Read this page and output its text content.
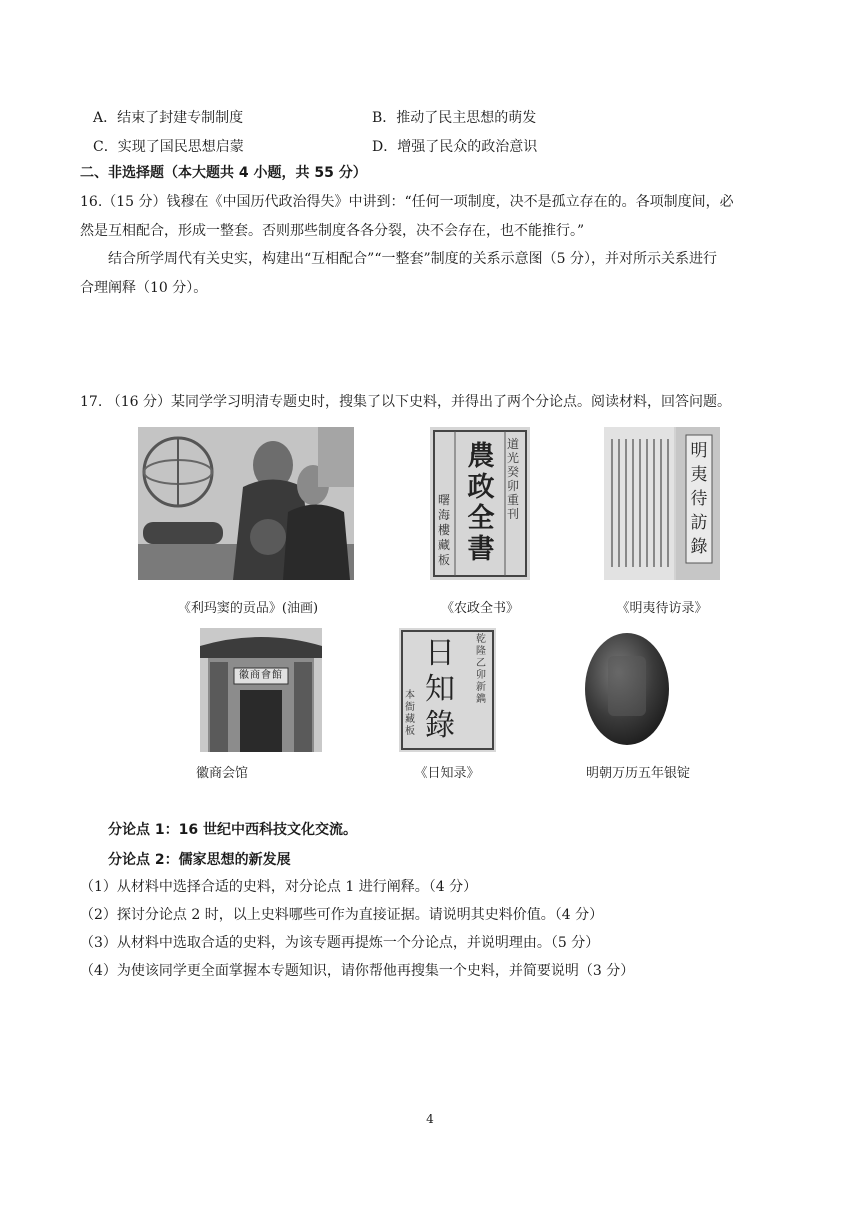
A．结束了封建专制制度	B．推动了民主思想的萌发
C．实现了国民思想启蒙	D．增强了民众的政治意识
二、非选择题（本大题共 4 小题，共 55 分）
16.（15 分）钱穆在《中国历代政治得失》中讲到：“任何一项制度，决不是孤立存在的。各项制度间，必
然是互相配合，形成一整套。否则那些制度各各分裂，决不会存在，也不能推行。”
结合所学周代有关史实，构建出“互相配合”“一整套”制度的关系示意图（5 分），并对所示关系进行
合理阐释（10 分）。
17. （16 分）某同学学习明清专题史时，搜集了以下史料，并得出了两个分论点。阅读材料，回答问题。
《利玛窦的贡品》(油画)
農政全書
道光癸卯重刊
曙海樓藏板
《农政全书》
明夷待訪錄
《明夷待访录》
徽商會館
徽商会馆
日知錄
乾隆乙卯新鐫
本衙藏板
《日知录》	明朝万历五年银锭
分论点 1：16 世纪中西科技文化交流。
分论点 2：儒家思想的新发展
（1）从材料中选择合适的史料，对分论点 1 进行阐释。（4 分）
（2）探讨分论点 2 时，以上史料哪些可作为直接证据。请说明其史料价值。（4 分）
（3）从材料中选取合适的史料，为该专题再提炼一个分论点，并说明理由。（5 分）
（4）为使该同学更全面掌握本专题知识，请你帮他再搜集一个史料，并简要说明（3 分）
4
